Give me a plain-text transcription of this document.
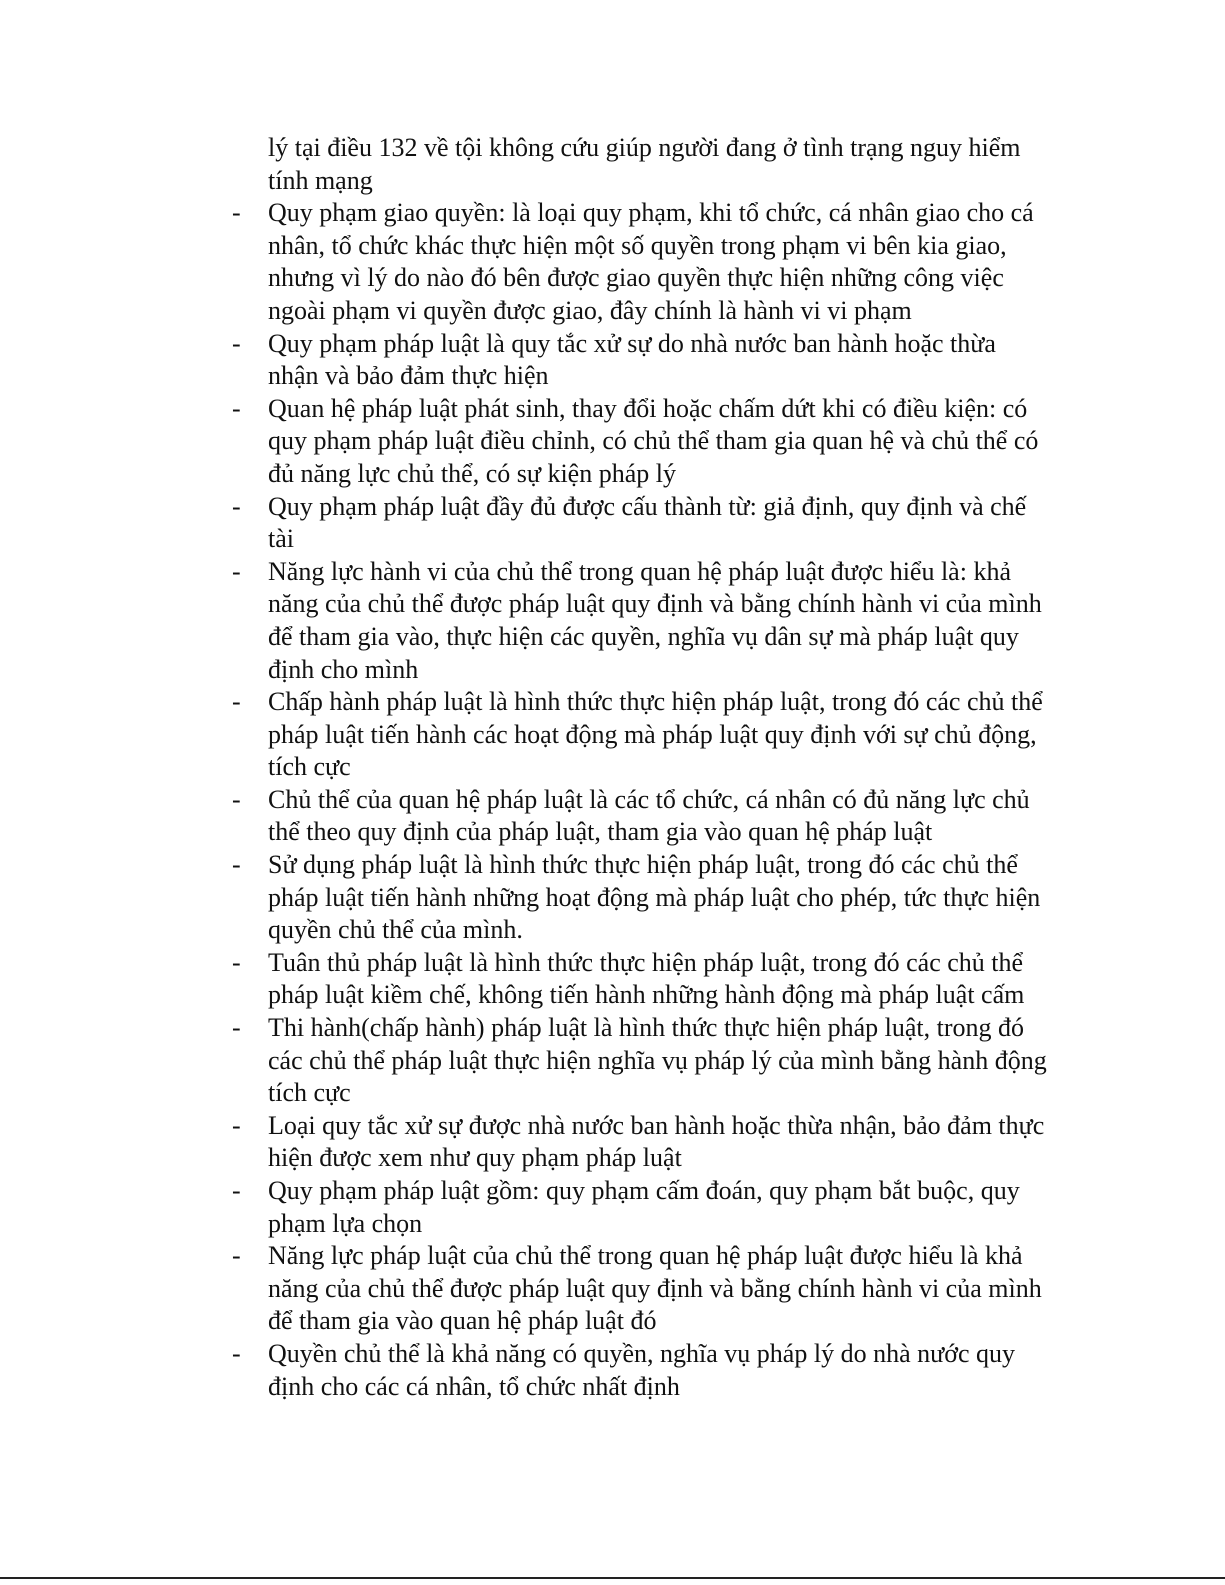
lý tại điều 132 về tội không cứu giúp người đang ở tình trạng nguy hiểm tính mạng

- Quy phạm giao quyền: là loại quy phạm, khi tổ chức, cá nhân giao cho cá nhân, tổ chức khác thực hiện một số quyền trong phạm vi bên kia giao, nhưng vì lý do nào đó bên được giao quyền thực hiện những công việc ngoài phạm vi quyền được giao, đây chính là hành vi vi phạm
- Quy phạm pháp luật là quy tắc xử sự do nhà nước ban hành hoặc thừa nhận và bảo đảm thực hiện
- Quan hệ pháp luật phát sinh, thay đổi hoặc chấm dứt khi có điều kiện: có quy phạm pháp luật điều chỉnh, có chủ thể tham gia quan hệ và chủ thể có đủ năng lực chủ thể, có sự kiện pháp lý
- Quy phạm pháp luật đầy đủ được cấu thành từ: giả định, quy định và chế tài
- Năng lực hành vi của chủ thể trong quan hệ pháp luật được hiểu là: khả năng của chủ thể được pháp luật quy định và bằng chính hành vi của mình để tham gia vào, thực hiện các quyền, nghĩa vụ dân sự mà pháp luật quy định cho mình
- Chấp hành pháp luật là hình thức thực hiện pháp luật, trong đó các chủ thể pháp luật tiến hành các hoạt động mà pháp luật quy định với sự chủ động, tích cực
- Chủ thể của quan hệ pháp luật là các tổ chức, cá nhân có đủ năng lực chủ thể theo quy định của pháp luật, tham gia vào quan hệ pháp luật
- Sử dụng pháp luật là hình thức thực hiện pháp luật, trong đó các chủ thể pháp luật tiến hành những hoạt động mà pháp luật cho phép, tức thực hiện quyền chủ thể của mình.
- Tuân thủ pháp luật là hình thức thực hiện pháp luật, trong đó các chủ thể pháp luật kiềm chế, không tiến hành những hành động mà pháp luật cấm
- Thi hành(chấp hành) pháp luật là hình thức thực hiện pháp luật, trong đó các chủ thể pháp luật thực hiện nghĩa vụ pháp lý của mình bằng hành động tích cực
- Loại quy tắc xử sự được nhà nước ban hành hoặc thừa nhận, bảo đảm thực hiện được xem như quy phạm pháp luật
- Quy phạm pháp luật gồm: quy phạm cấm đoán, quy phạm bắt buộc, quy phạm lựa chọn
- Năng lực pháp luật của chủ thể trong quan hệ pháp luật được hiểu là khả năng của chủ thể được pháp luật quy định và bằng chính hành vi của mình để tham gia vào quan hệ pháp luật đó
- Quyền chủ thể là khả năng có quyền, nghĩa vụ pháp lý do nhà nước quy định cho các cá nhân, tổ chức nhất định
